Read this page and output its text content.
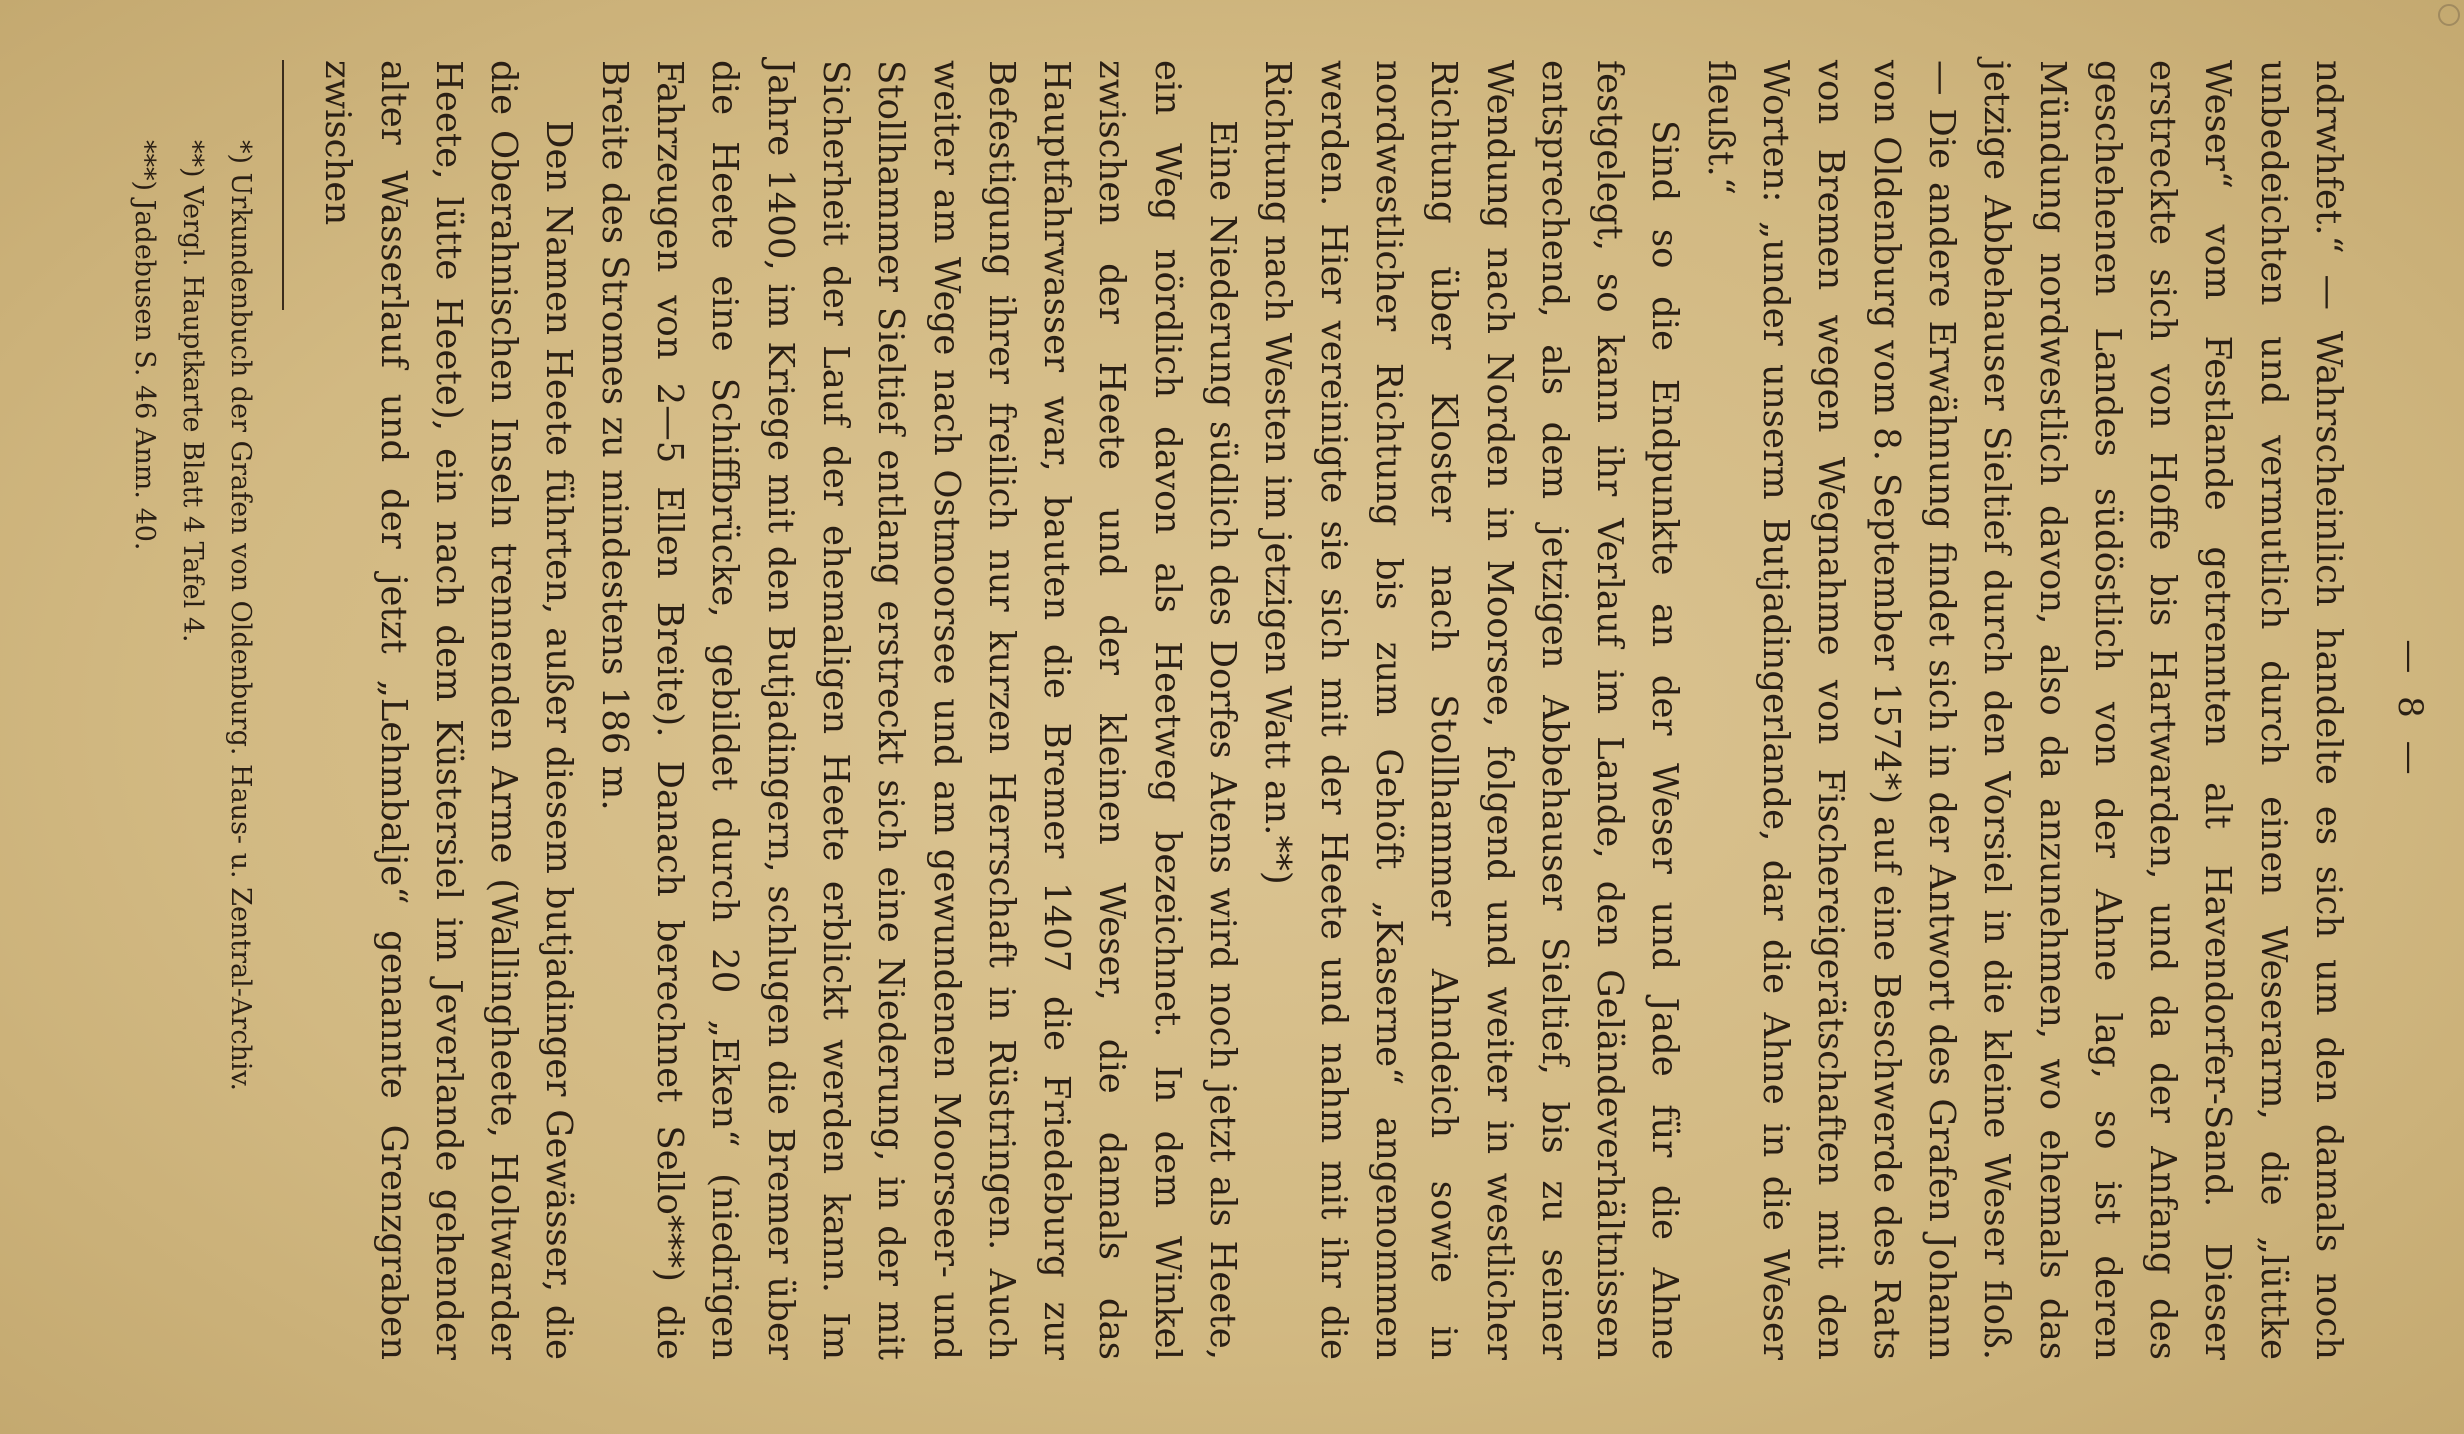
— 8 —

ndrwhfet.“ — Wahrscheinlich handelte es sich um den damals noch unbedeichten und vermutlich durch einen Weserarm, die „lüttke Weser“ vom Festlande getrennten alt Havendorfer-Sand. Dieser erstreckte sich von Hoffe bis Hartwarden, und da der Anfang des geschehenen Landes südöstlich von der Ahne lag, so ist deren Mündung nordwestlich davon, also da anzunehmen, wo ehemals das jetzige Abbehauser Sieltief durch den Vorsiel in die kleine Weser floß. — Die andere Erwähnung findet sich in der Antwort des Grafen Johann von Oldenburg vom 8. September 1574*) auf eine Beschwerde des Rats von Bremen wegen Wegnahme von Fischereigerätschaften mit den Worten: „under unserm Butjadingerlande, dar die Ahne in die Weser fleußt.“

Sind so die Endpunkte an der Weser und Jade für die Ahne festgelegt, so kann ihr Verlauf im Lande, den Geländeverhältnissen entsprechend, als dem jetzigen Abbehauser Sieltief, bis zu seiner Wendung nach Norden in Moorsee, folgend und weiter in westlicher Richtung über Kloster nach Stollhammer Ahndeich sowie in nordwestlicher Richtung bis zum Gehöft „Kaserne“ angenommen werden. Hier vereinigte sie sich mit der Heete und nahm mit ihr die Richtung nach Westen im jetzigen Watt an.**)

Eine Niederung südlich des Dorfes Atens wird noch jetzt als Heete, ein Weg nördlich davon als Heetweg bezeichnet. In dem Winkel zwischen der Heete und der kleinen Weser, die damals das Hauptfahrwasser war, bauten die Bremer 1407 die Friedeburg zur Befestigung ihrer freilich nur kurzen Herrschaft in Rüstringen. Auch weiter am Wege nach Ostmoorsee und am gewundenen Moorseer- und Stollhammer Sieltief entlang erstreckt sich eine Niederung, in der mit Sicherheit der Lauf der ehemaligen Heete erblickt werden kann. Im Jahre 1400, im Kriege mit den Butjadingern, schlugen die Bremer über die Heete eine Schiffbrücke, gebildet durch 20 „Eken“ (niedrigen Fahrzeugen von 2—5 Ellen Breite). Danach berechnet Sello***) die Breite des Stromes zu mindestens 186 m.

Den Namen Heete führten, außer diesem butjadinger Gewässer, die die Oberahnischen Inseln trennenden Arme (Wallingheete, Holtwarder Heete, lütte Heete), ein nach dem Küstersiel im Jeverlande gehender alter Wasserlauf und der jetzt „Lehmbalje“ genannte Grenzgraben zwischen

*) Urkundenbuch der Grafen von Oldenburg. Haus- u. Zentral-Archiv.
**) Vergl. Hauptkarte Blatt 4 Tafel 4.
***) Jadebusen S. 46 Anm. 40.
